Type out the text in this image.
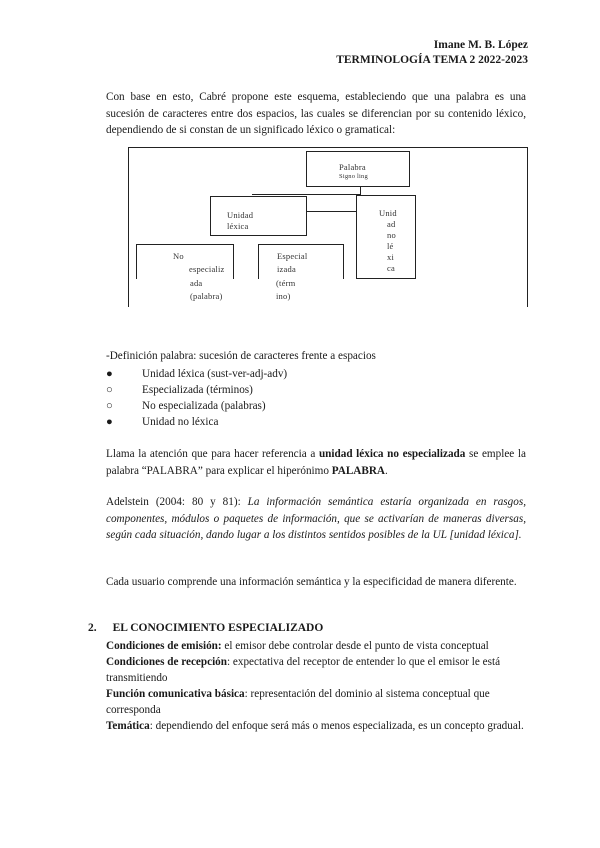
Imane M. B. López
TERMINOLOGÍA TEMA 2 2022-2023
Con base en esto, Cabré propone este esquema, estableciendo que una palabra es una sucesión de caracteres entre dos espacios, las cuales se diferencian por su contenido léxico, dependiendo de si constan de un significado léxico o gramatical:
Palabra
Signo ling
Unidad
léxica
Unid
ad
no
lé
xi
ca
No
especializ
ada
(palabra)
Especial
izada
(térm
ino)
-Definición palabra: sucesión de caracteres frente a espacios
●	Unidad léxica (sust-ver-adj-adv)
○	Especializada (términos)
○	No especializada (palabras)
●	Unidad no léxica
Llama la atención que para hacer referencia a unidad léxica no especializada se emplee la palabra “PALABRA” para explicar el hiperónimo PALABRA.
Adelstein (2004: 80 y 81): La información semántica estaría organizada en rasgos, componentes, módulos o paquetes de información, que se activarían de maneras diversas, según cada situación, dando lugar a los distintos sentidos posibles de la UL [unidad léxica].
Cada usuario comprende una información semántica y la especificidad de manera diferente.
2. EL CONOCIMIENTO ESPECIALIZADO
Condiciones de emisión: el emisor debe controlar desde el punto de vista conceptual
Condiciones de recepción: expectativa del receptor de entender lo que el emisor le está transmitiendo
Función comunicativa básica: representación del dominio al sistema conceptual que corresponda
Temática: dependiendo del enfoque será más o menos especializada, es un concepto gradual.
